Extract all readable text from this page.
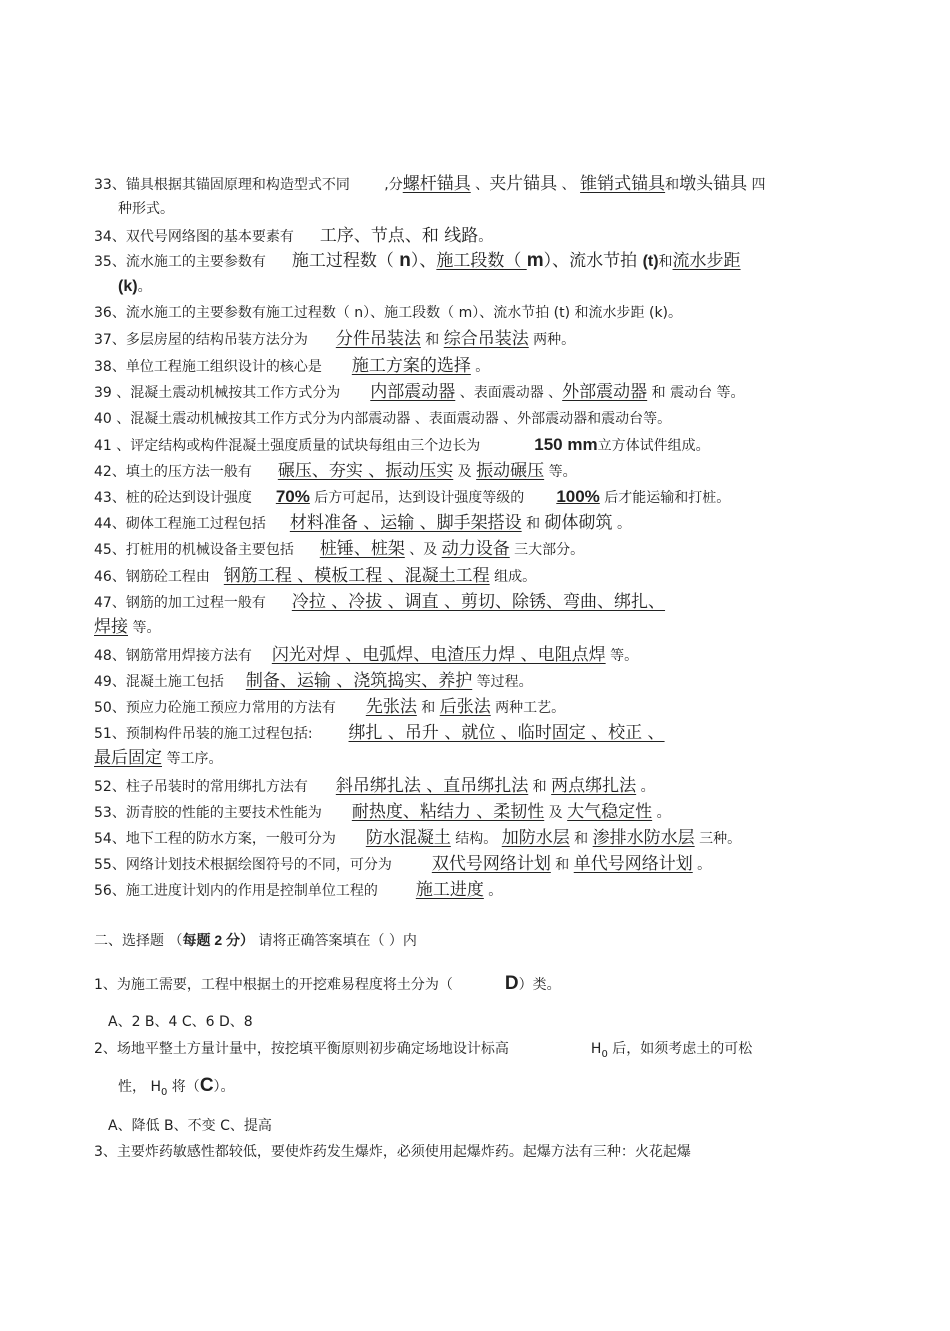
33、锚具根据其锚固原理和构造型式不同 ,分螺杆锚具 、夹片锚具 、 锥销式锚具和墩头锚具 四
种形式。
34、双代号网络图的基本要素有 工序、节点、和 线路。
35、流水施工的主要参数有 施工过程数（ n）、施工段数（ m）、流水节拍 (t)和流水步距
(k)。
36、流水施工的主要参数有施工过程数（ n）、施工段数（ m）、流水节拍 (t) 和流水步距 (k)。
37、多层房屋的结构吊装方法分为 分件吊装法 和 综合吊装法 两种。
38、单位工程施工组织设计的核心是 施工方案的选择 。
39 、混凝土震动机械按其工作方式分为 内部震动器 、表面震动器 、外部震动器 和 震动台 等。
40 、混凝土震动机械按其工作方式分为内部震动器 、表面震动器 、外部震动器和震动台等。
41 、评定结构或构件混凝土强度质量的试块每组由三个边长为	150 mm立方体试件组成。
42、填土的压方法一般有 碾压、夯实 、振动压实 及 振动碾压 等。
43、桩的砼达到设计强度 70% 后方可起吊，达到设计强度等级的 100% 后才能运输和打桩。
44、砌体工程施工过程包括 材料准备 、运输 、脚手架搭设 和 砌体砌筑 。
45、打桩用的机械设备主要包括 桩锤、桩架 、及 动力设备 三大部分。
46、钢筋砼工程由 钢筋工程 、模板工程 、混凝土工程 组成。
47、钢筋的加工过程一般有 冷拉 、冷拔 、调直 、剪切、除锈、弯曲、绑扎、
焊接 等。
48、钢筋常用焊接方法有 闪光对焊 、电弧焊、电渣压力焊 、电阻点焊 等。
49、混凝土施工包括 制备、运输 、浇筑捣实、养护 等过程。
50、预应力砼施工预应力常用的方法有 先张法 和 后张法 两种工艺。
51、预制构件吊装的施工过程包括: 绑扎 、吊升 、就位 、临时固定 、校正 、
最后固定 等工序。
52、柱子吊装时的常用绑扎方法有 斜吊绑扎法 、直吊绑扎法 和 两点绑扎法 。
53、沥青胶的性能的主要技术性能为 耐热度、粘结力 、柔韧性 及 大气稳定性 。
54、地下工程的防水方案，一般可分为 防水混凝土 结构。 加防水层 和 渗排水防水层 三种。
55、网络计划技术根据绘图符号的不同，可分为 双代号网络计划 和 单代号网络计划 。
56、施工进度计划内的作用是控制单位工程的 施工进度 。
二、选择题 （每题 2 分） 请将正确答案填在（ ）内
1、为施工需要，工程中根据土的开挖难易程度将土分为（	D）类。
A、2 B、4 C、6 D、8
2、场地平整土方量计量中，按挖填平衡原则初步确定场地设计标高	$H_0$ 后，如须考虑土的可松
性， $H_0$ 将（C）。
A、降低 B、不变 C、提高
3、主要炸药敏感性都较低，要使炸药发生爆炸，必须使用起爆炸药。起爆方法有三种：火花起爆
